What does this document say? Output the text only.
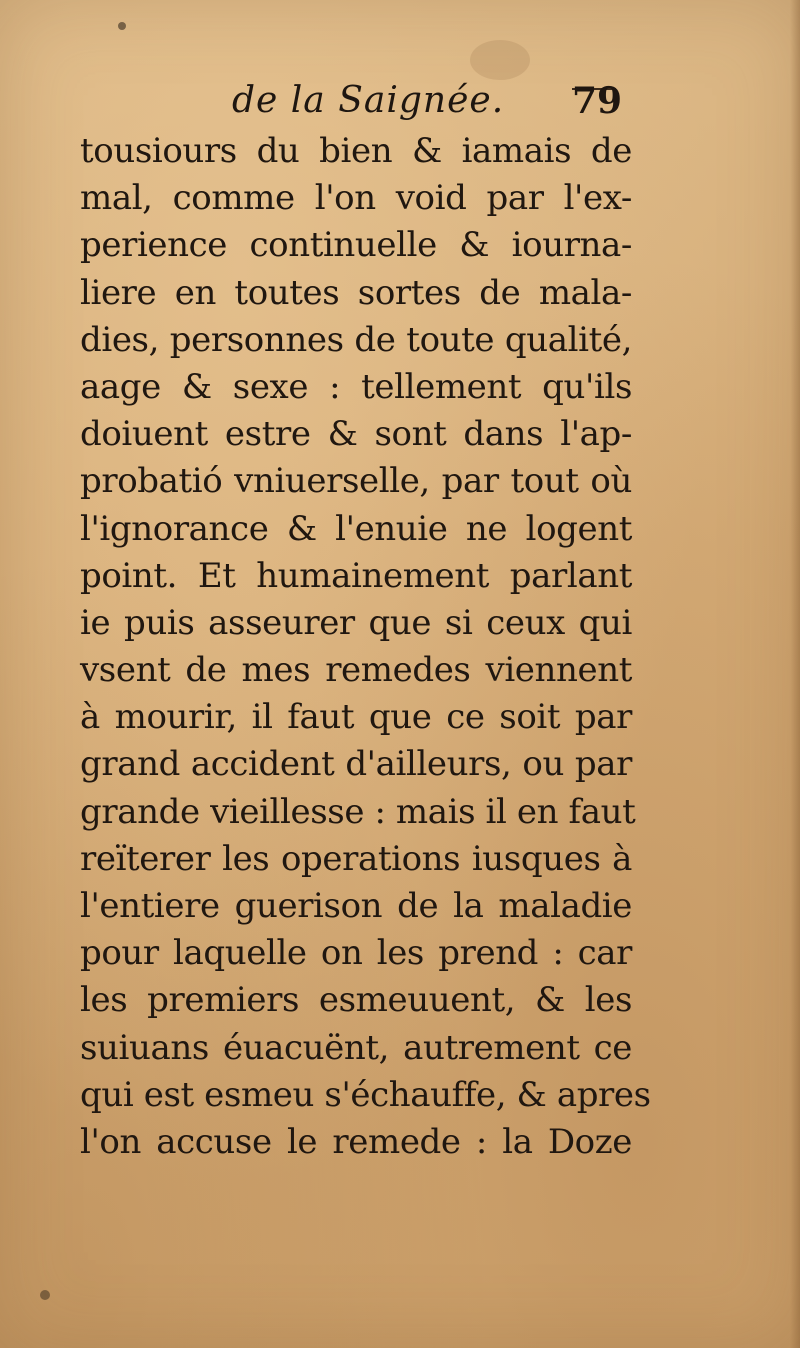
de la Saignée. 79
tousiours du bien & iamais de
mal, comme l'on void par l'ex-
perience continuelle & iourna-
liere en toutes sortes de mala-
dies, personnes de toute qualité,
aage & sexe : tellement qu'ils
doiuent estre & sont dans l'ap-
probatió vniuerselle, par tout où
l'ignorance & l'enuie ne logent
point. Et humainement parlant
ie puis asseurer que si ceux qui
vsent de mes remedes viennent
à mourir, il faut que ce soit par
grand accident d'ailleurs, ou par
grande vieillesse : mais il en faut
reïterer les operations iusques à
l'entiere guerison de la maladie
pour laquelle on les prend : car
les premiers esmeuuent, & les
suiuans éuacuënt, autrement ce
qui est esmeu s'échauffe, & apres
l'on accuse le remede : la Doze
